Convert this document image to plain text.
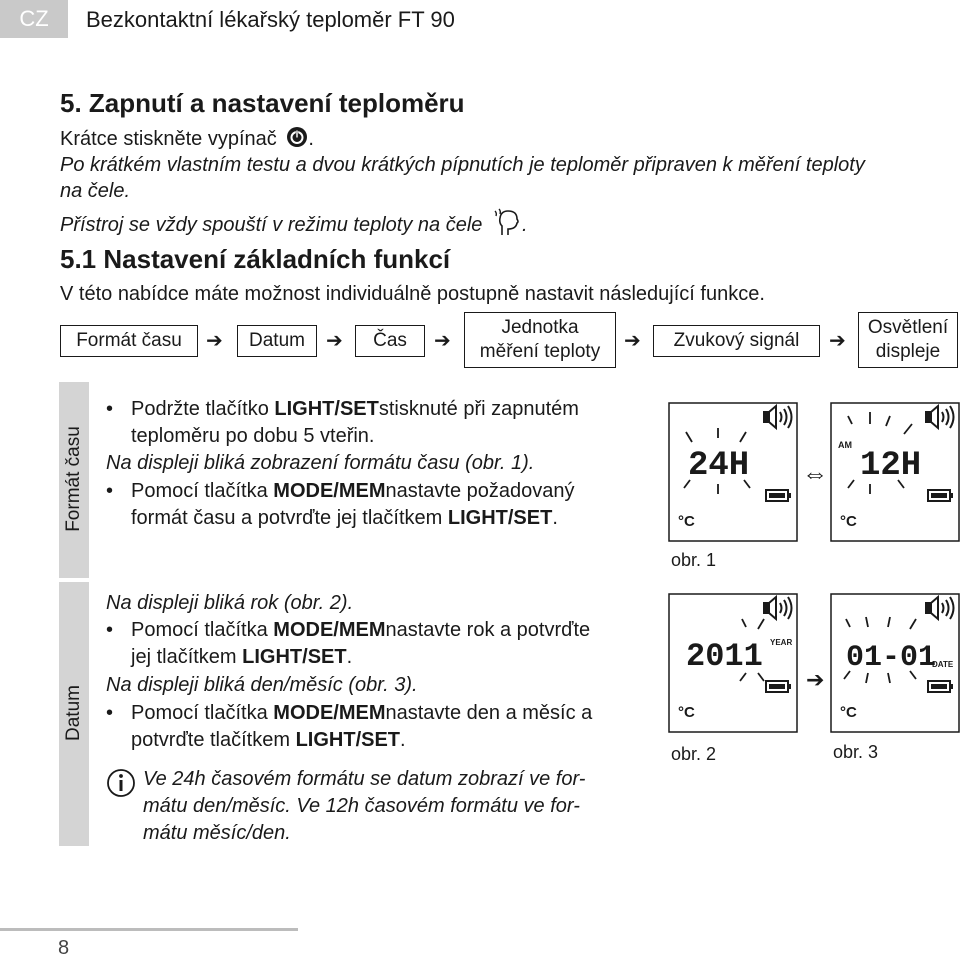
CZ	Bezkontaktní lékařský teploměr FT 90
5. Zapnutí a nastavení teploměru
Krátce stiskněte vypínač .
Po krátkém vlastním testu a dvou krátkých pípnutích je teploměr připraven k měření teploty
na čele.
Přístroj se vždy spouští v režimu teploty na čele .
5.1 Nastavení základních funkcí
V této nabídce máte možnost individuálně postupně nastavit následující funkce.
Formát času	➔	Datum	➔	Čas	➔
Jednotka
měření teploty ➔	Zvukový signál	➔
Osvětlení
displeje
Formát času
Datum
• Podržte tlačítko LIGHT/SETstisknuté při zapnutém
teploměru po dobu 5 vteřin.
Na displeji bliká zobrazení formátu času (obr. 1).
• Pomocí tlačítka MODE/MEMnastavte požadovaný
formát času a potvrďte jej tlačítkem LIGHT/SET.
Na displeji bliká rok (obr. 2).
• Pomocí tlačítka MODE/MEMnastavte rok a potvrďte
jej tlačítkem LIGHT/SET.
Na displeji bliká den/měsíc (obr. 3).
• Pomocí tlačítka MODE/MEMnastavte den a měsíc a
potvrďte tlačítkem LIGHT/SET.
Ve 24h časovém formátu se datum zobrazí ve for-
mátu den/měsíc. Ve 12h časovém formátu ve for-
mátu měsíc/den.
24H
°C
⇔
AM
12H
°C
obr. 1
2011 YEAR
°C
obr. 2
➔
01-01
DATE
°C
obr. 3
8
